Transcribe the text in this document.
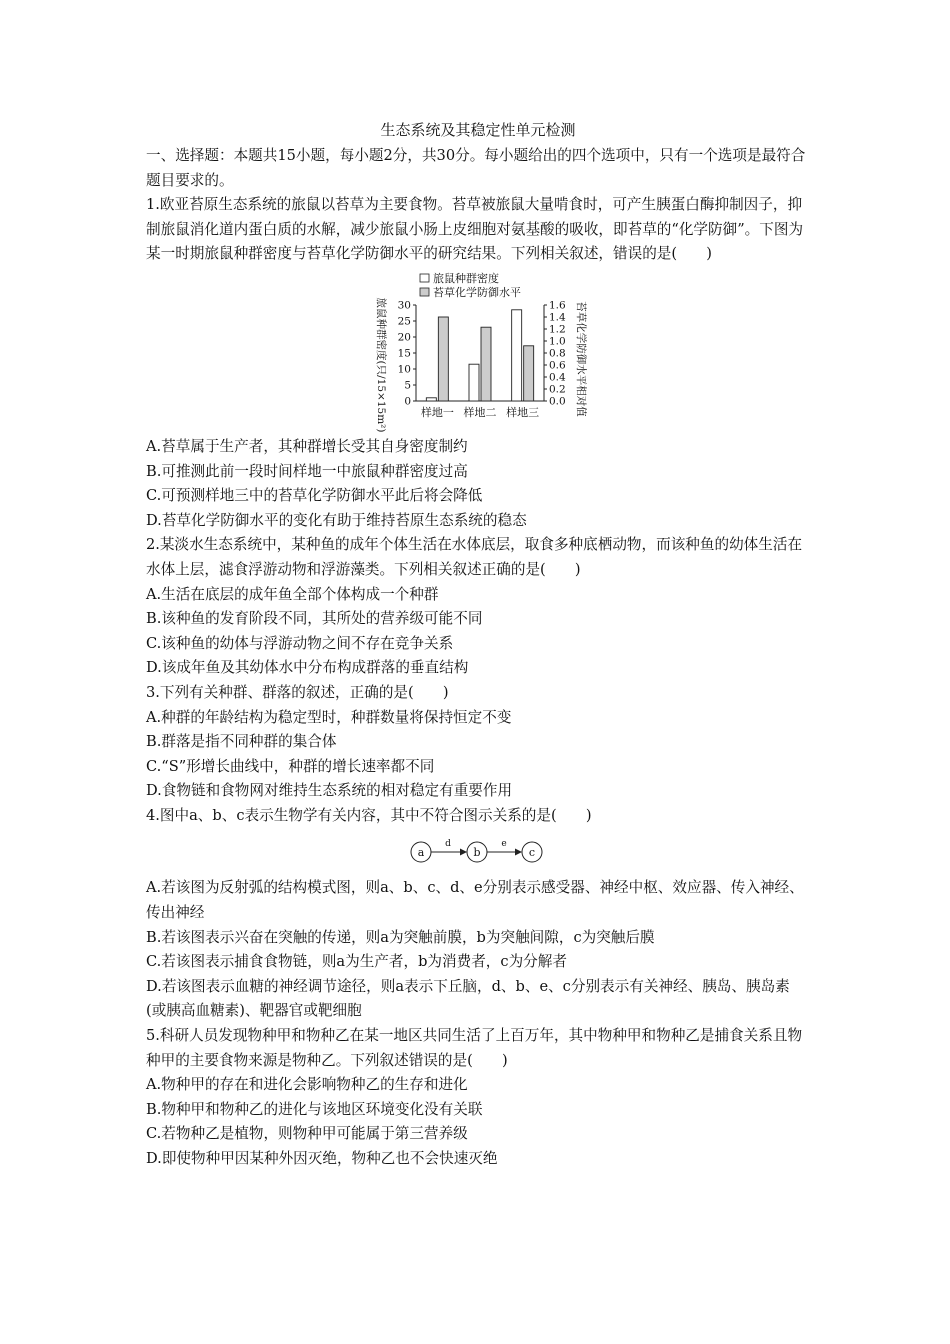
生态系统及其稳定性单元检测

一、选择题：本题共15小题，每小题2分，共30分。每小题给出的四个选项中，只有一个选项是最符合题目要求的。

1.欧亚苔原生态系统的旅鼠以苔草为主要食物。苔草被旅鼠大量啃食时，可产生胰蛋白酶抑制因子，抑制旅鼠消化道内蛋白质的水解，减少旅鼠小肠上皮细胞对氨基酸的吸收，即苔草的“化学防御”。下图为某一时期旅鼠种群密度与苔草化学防御水平的研究结果。下列相关叙述，错误的是(　　)

旅鼠种群密度
苔草化学防御水平
旅鼠种群密度(只/15×15m²)	苔草化学防御水平相对值
0
5
10
15
20
25
30
0.0
0.2
0.4
0.6
0.8
1.0
1.2
1.4
1.6
样地一 样地二 样地三

A.苔草属于生产者，其种群增长受其自身密度制约

B.可推测此前一段时间样地一中旅鼠种群密度过高

C.可预测样地三中的苔草化学防御水平此后将会降低

D.苔草化学防御水平的变化有助于维持苔原生态系统的稳态

2.某淡水生态系统中，某种鱼的成年个体生活在水体底层，取食多种底栖动物，而该种鱼的幼体生活在水体上层，滤食浮游动物和浮游藻类。下列相关叙述正确的是(　　)

A.生活在底层的成年鱼全部个体构成一个种群

B.该种鱼的发育阶段不同，其所处的营养级可能不同

C.该种鱼的幼体与浮游动物之间不存在竞争关系

D.该成年鱼及其幼体水中分布构成群落的垂直结构

3.下列有关种群、群落的叙述，正确的是(　　)

A.种群的年龄结构为稳定型时，种群数量将保持恒定不变

B.群落是指不同种群的集合体

C.“S”形增长曲线中，种群的增长速率都不同

D.食物链和食物网对维持生态系统的相对稳定有重要作用

4.图中a、b、c表示生物学有关内容，其中不符合图示关系的是(　　)

a
d
b
e
c

A.若该图为反射弧的结构模式图，则a、b、c、d、e分别表示感受器、神经中枢、效应器、传入神经、传出神经

B.若该图表示兴奋在突触的传递，则a为突触前膜，b为突触间隙，c为突触后膜

C.若该图表示捕食食物链，则a为生产者，b为消费者，c为分解者

D.若该图表示血糖的神经调节途径，则a表示下丘脑，d、b、e、c分别表示有关神经、胰岛、胰岛素(或胰高血糖素)、靶器官或靶细胞

5.科研人员发现物种甲和物种乙在某一地区共同生活了上百万年，其中物种甲和物种乙是捕食关系且物种甲的主要食物来源是物种乙。下列叙述错误的是(　　)

A.物种甲的存在和进化会影响物种乙的生存和进化

B.物种甲和物种乙的进化与该地区环境变化没有关联

C.若物种乙是植物，则物种甲可能属于第三营养级

D.即使物种甲因某种外因灭绝，物种乙也不会快速灭绝
